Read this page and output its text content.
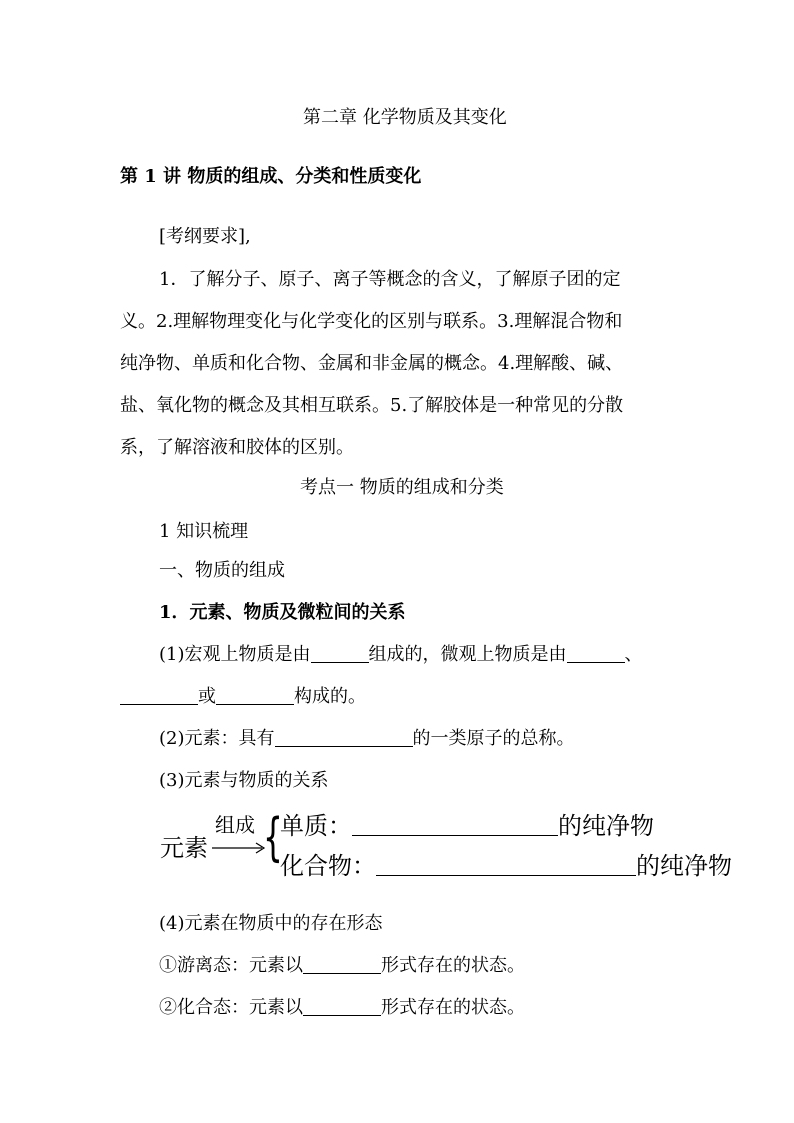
第二章 化学物质及其变化
第 1 讲 物质的组成、分类和性质变化
[考纲要求],
1．了解分子、原子、离子等概念的含义，了解原子团的定
义。2.理解物理变化与化学变化的区别与联系。3.理解混合物和
纯净物、单质和化合物、金属和非金属的概念。4.理解酸、碱、
盐、氧化物的概念及其相互联系。5.了解胶体是一种常见的分散
系，了解溶液和胶体的区别。
考点一 物质的组成和分类
1 知识梳理
一、物质的组成
1．元素、物质及微粒间的关系
(1)宏观上物质是由	组成的，微观上物质是由	、
或	构成的。
(2)元素：具有	的一类原子的总称。
(3)元素与物质的关系
组成
元素 {
单质：	的纯净物
化合物：	的纯净物
(4)元素在物质中的存在形态
①游离态：元素以	形式存在的状态。
②化合态：元素以	形式存在的状态。
